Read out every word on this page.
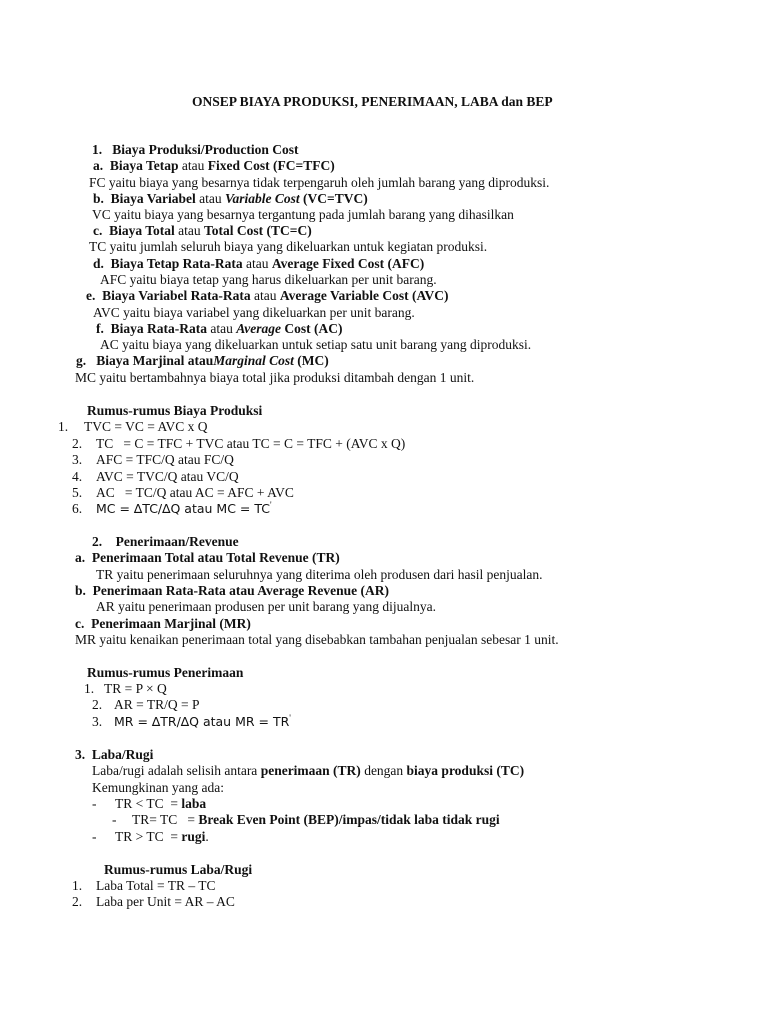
ONSEP BIAYA PRODUKSI, PENERIMAAN, LABA dan BEP
1. Biaya Produksi/Production Cost
a. Biaya Tetap atau Fixed Cost (FC=TFC)
FC yaitu biaya yang besarnya tidak terpengaruh oleh jumlah barang yang diproduksi.
b. Biaya Variabel atau Variable Cost (VC=TVC)
VC yaitu biaya yang besarnya tergantung pada jumlah barang yang dihasilkan
c. Biaya Total atau Total Cost (TC=C)
TC yaitu jumlah seluruh biaya yang dikeluarkan untuk kegiatan produksi.
d. Biaya Tetap Rata-Rata atau Average Fixed Cost (AFC)
AFC yaitu biaya tetap yang harus dikeluarkan per unit barang.
e. Biaya Variabel Rata-Rata atau Average Variable Cost (AVC)
AVC yaitu biaya variabel yang dikeluarkan per unit barang.
f. Biaya Rata-Rata atau Average Cost (AC)
AC yaitu biaya yang dikeluarkan untuk setiap satu unit barang yang diproduksi.
g. Biaya Marjinal atauMarginal Cost (MC)
MC yaitu bertambahnya biaya total jika produksi ditambah dengan 1 unit.
Rumus-rumus Biaya Produksi
1. TVC = VC = AVC x Q
2. TC   = C = TFC + TVC atau TC = C = TFC + (AVC x Q)
3. AFC = TFC/Q atau FC/Q
4. AVC = TVC/Q atau VC/Q
5. AC   = TC/Q atau AC = AFC + AVC
6. MC = ∆TC/∆Q atau MC = TC'
2. Penerimaan/Revenue
a.  Penerimaan Total atau Total Revenue (TR)
TR yaitu penerimaan seluruhnya yang diterima oleh produsen dari hasil penjualan.
b.  Penerimaan Rata-Rata atau Average Revenue (AR)
AR yaitu penerimaan produsen per unit barang yang dijualnya.
c.  Penerimaan Marjinal (MR)
MR yaitu kenaikan penerimaan total yang disebabkan tambahan penjualan sebesar 1 unit.
Rumus-rumus Penerimaan
1. TR = P × Q
2. AR = TR/Q = P
3. MR = ∆TR/∆Q atau MR = TR'
3.  Laba/Rugi
Laba/rugi adalah selisih antara penerimaan (TR) dengan biaya produksi (TC)
Kemungkinan yang ada:
- TR < TC  = laba
- TR= TC   = Break Even Point (BEP)/impas/tidak laba tidak rugi
- TR > TC  = rugi.
Rumus-rumus Laba/Rugi
1. Laba Total = TR – TC
2. Laba per Unit = AR – AC
